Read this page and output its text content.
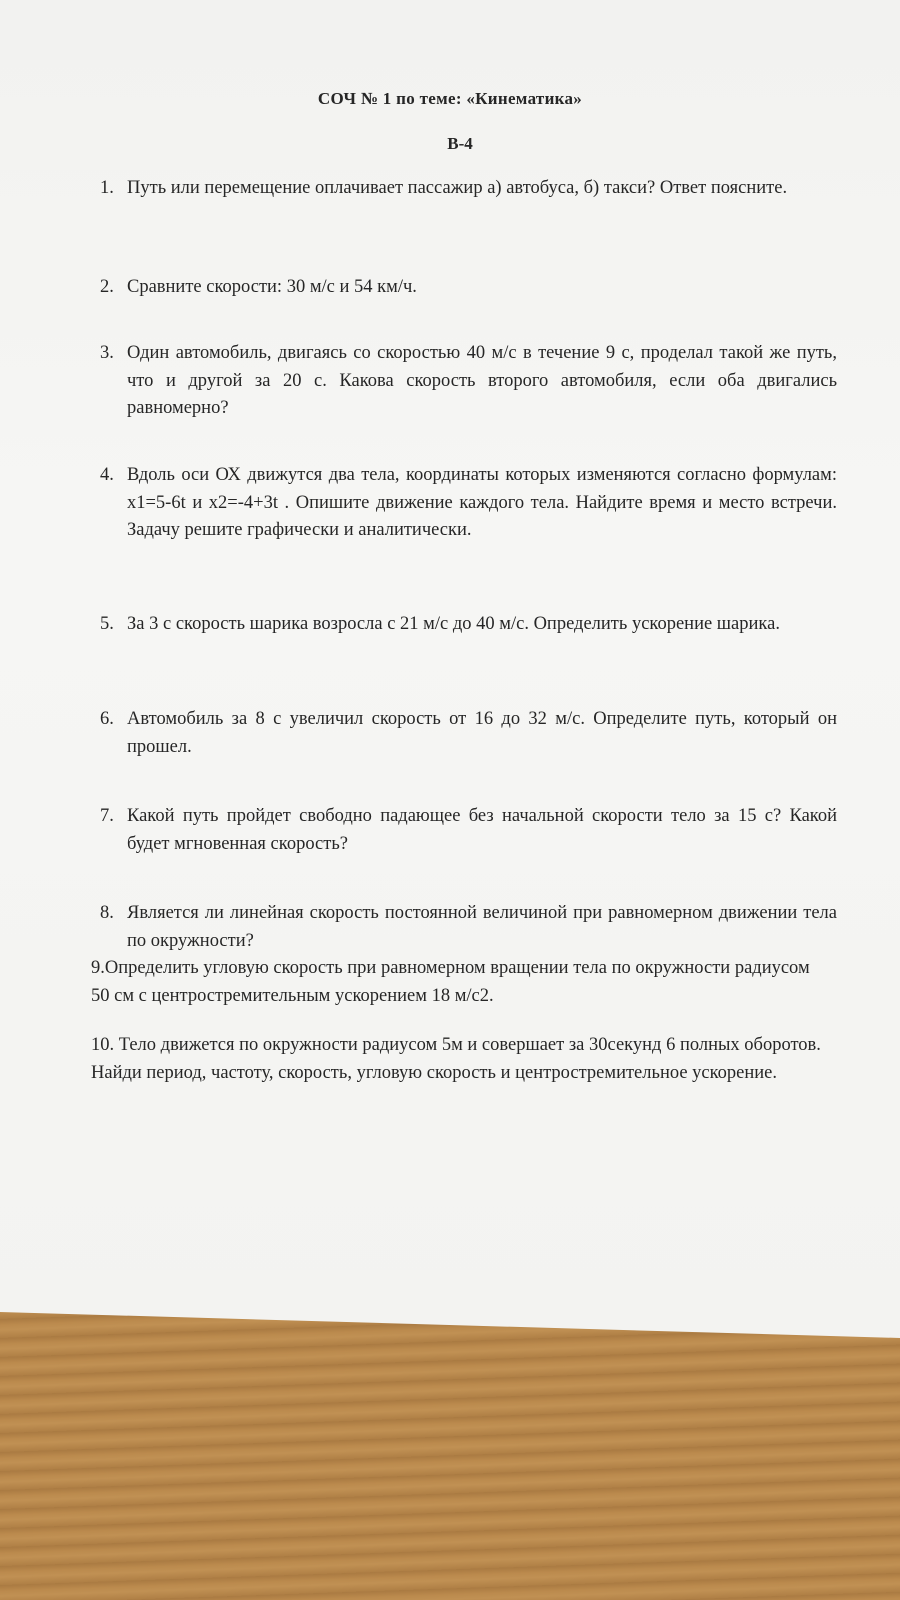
СОЧ № 1 по теме: «Кинематика»
В-4
1. Путь или перемещение оплачивает пассажир а) автобуса, б) такси? Ответ поясните.
2. Сравните скорости: 30 м/с и 54 км/ч.
3. Один автомобиль, двигаясь со скоростью 40 м/с в течение 9 с, проделал такой же путь, что и другой за 20 с. Какова скорость второго автомобиля, если оба двигались равномерно?
4. Вдоль оси ОХ движутся два тела, координаты которых изменяются согласно формулам: x1=5-6t и x2=-4+3t . Опишите движение каждого тела. Найдите время и место встречи. Задачу решите графически и аналитически.
5. За 3 с скорость шарика возросла с 21 м/с до 40 м/с. Определить ускорение шарика.
6. Автомобиль за 8 с увеличил скорость от 16 до 32 м/с. Определите путь, который он прошел.
7. Какой путь пройдет свободно падающее без начальной скорости тело за 15 с? Какой будет мгновенная скорость?
8. Является ли линейная скорость постоянной величиной при равномерном движении тела по окружности?
9.Определить угловую скорость при равномерном вращении тела по окружности радиусом 50 см с центростремительным ускорением 18 м/с2.
10. Тело движется по окружности радиусом 5м и совершает за 30секунд 6 полных оборотов. Найди период, частоту, скорость, угловую скорость и центростремительное ускорение.
